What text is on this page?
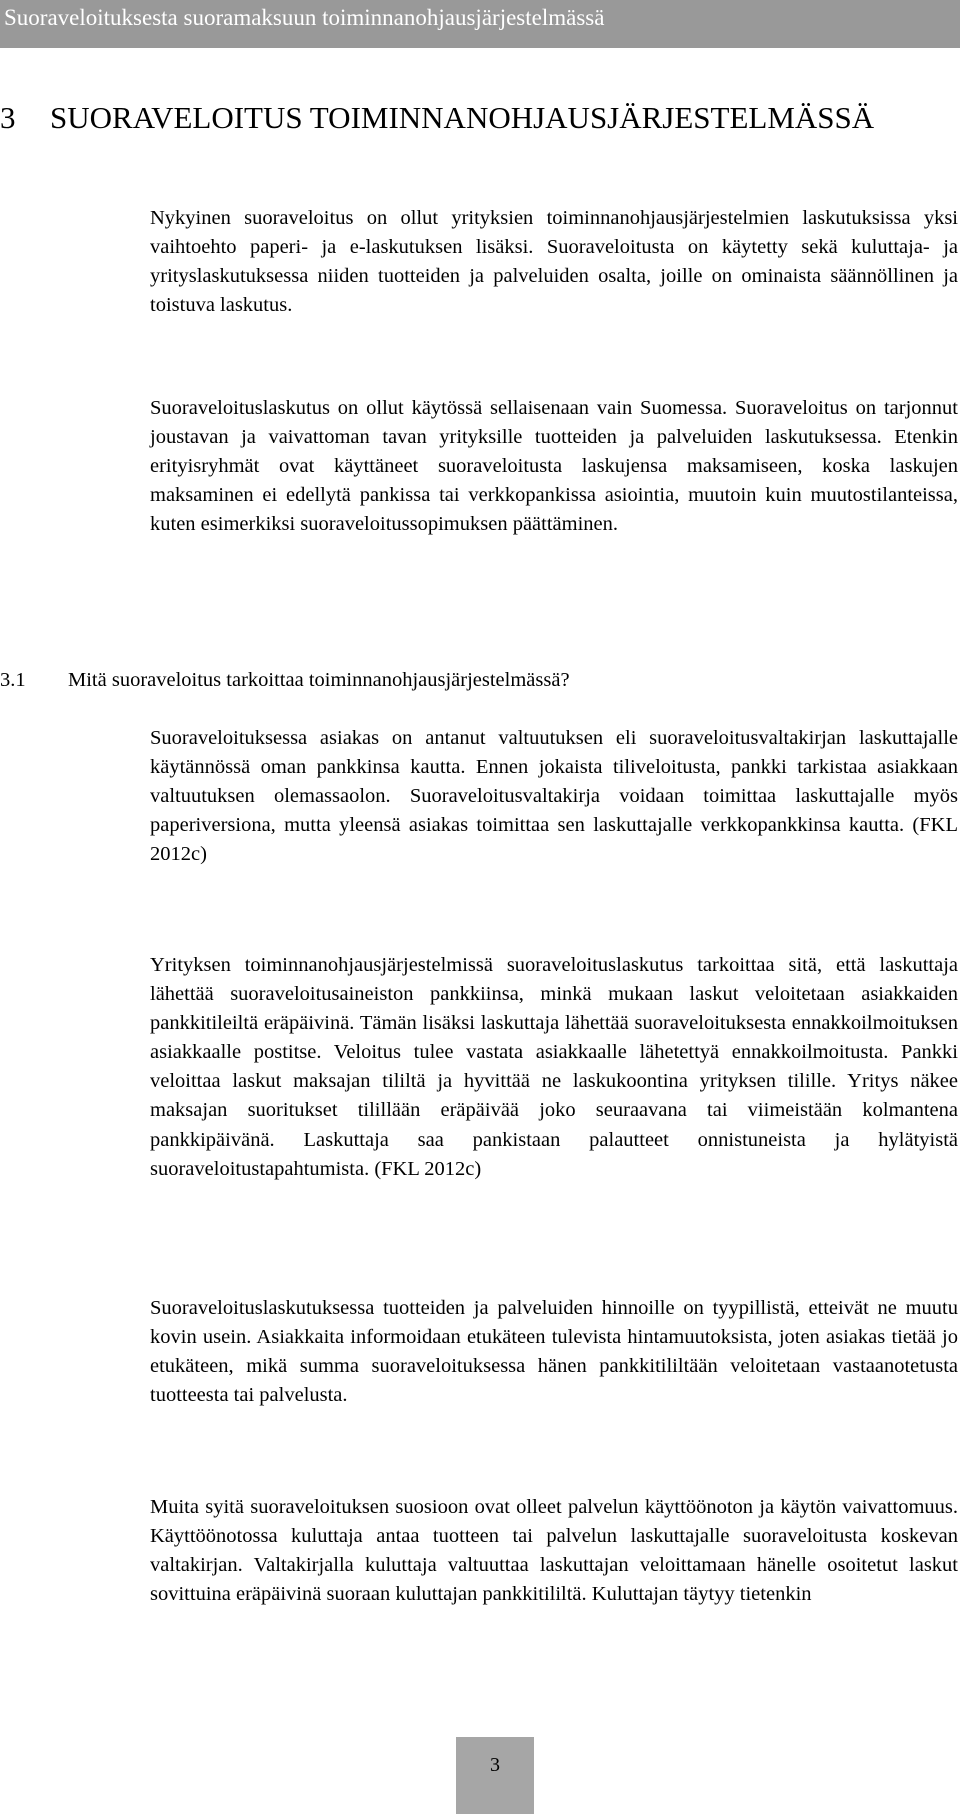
Suoraveloituksesta suoramaksuun toiminnanohjausjärjestelmässä
3 SUORAVELOITUS TOIMINNANOHJAUSJÄRJESTELMÄSSÄ

Nykyinen suoraveloitus on ollut yrityksien toiminnanohjausjärjestelmien laskutuksissa yksi vaihtoehto paperi- ja e-laskutuksen lisäksi. Suoraveloitusta on käytetty sekä kuluttaja- ja yrityslaskutuksessa niiden tuotteiden ja palveluiden osalta, joille on ominaista säännöllinen ja toistuva laskutus.

Suoraveloituslaskutus on ollut käytössä sellaisenaan vain Suomessa. Suoraveloitus on tarjonnut joustavan ja vaivattoman tavan yrityksille tuotteiden ja palveluiden laskutuksessa. Etenkin erityisryhmät ovat käyttäneet suoraveloitusta laskujensa maksamiseen, koska laskujen maksaminen ei edellytä pankissa tai verkkopankissa asiointia, muutoin kuin muutostilanteissa, kuten esimerkiksi suoraveloitussopimuksen päättäminen.

3.1 Mitä suoraveloitus tarkoittaa toiminnanohjausjärjestelmässä?

Suoraveloituksessa asiakas on antanut valtuutuksen eli suoraveloitusvaltakirjan laskuttajalle käytännössä oman pankkinsa kautta. Ennen jokaista tiliveloitusta, pankki tarkistaa asiakkaan valtuutuksen olemassaolon. Suoraveloitusvaltakirja voidaan toimittaa laskuttajalle myös paperiversiona, mutta yleensä asiakas toimittaa sen laskuttajalle verkkopankkinsa kautta. (FKL 2012c)

Yrityksen toiminnanohjausjärjestelmissä suoraveloituslaskutus tarkoittaa sitä, että laskuttaja lähettää suoraveloitusaineiston pankkiinsa, minkä mukaan laskut veloitetaan asiakkaiden pankkitileiltä eräpäivinä. Tämän lisäksi laskuttaja lähettää suoraveloituksesta ennakkoilmoituksen asiakkaalle postitse. Veloitus tulee vastata asiakkaalle lähetettyä ennakkoilmoitusta. Pankki veloittaa laskut maksajan tililtä ja hyvittää ne laskukoontina yrityksen tilille. Yritys näkee maksajan suoritukset tilillään eräpäivää joko seuraavana tai viimeistään kolmantena pankkipäivänä. Laskuttaja saa pankistaan palautteet onnistuneista ja hylätyistä suoraveloitustapahtumista. (FKL 2012c)

Suoraveloituslaskutuksessa tuotteiden ja palveluiden hinnoille on tyypillistä, etteivät ne muutu kovin usein. Asiakkaita informoidaan etukäteen tulevista hintamuutoksista, joten asiakas tietää jo etukäteen, mikä summa suoraveloituksessa hänen pankkitililtään veloitetaan vastaanotetusta tuotteesta tai palvelusta.

Muita syitä suoraveloituksen suosioon ovat olleet palvelun käyttöönoton ja käytön vaivattomuus. Käyttöönotossa kuluttaja antaa tuotteen tai palvelun laskuttajalle suoraveloitusta koskevan valtakirjan. Valtakirjalla kuluttaja valtuuttaa laskuttajan veloittamaan hänelle osoitetut laskut sovittuina eräpäivinä suoraan kuluttajan pankkitililtä. Kuluttajan täytyy tietenkin

3
